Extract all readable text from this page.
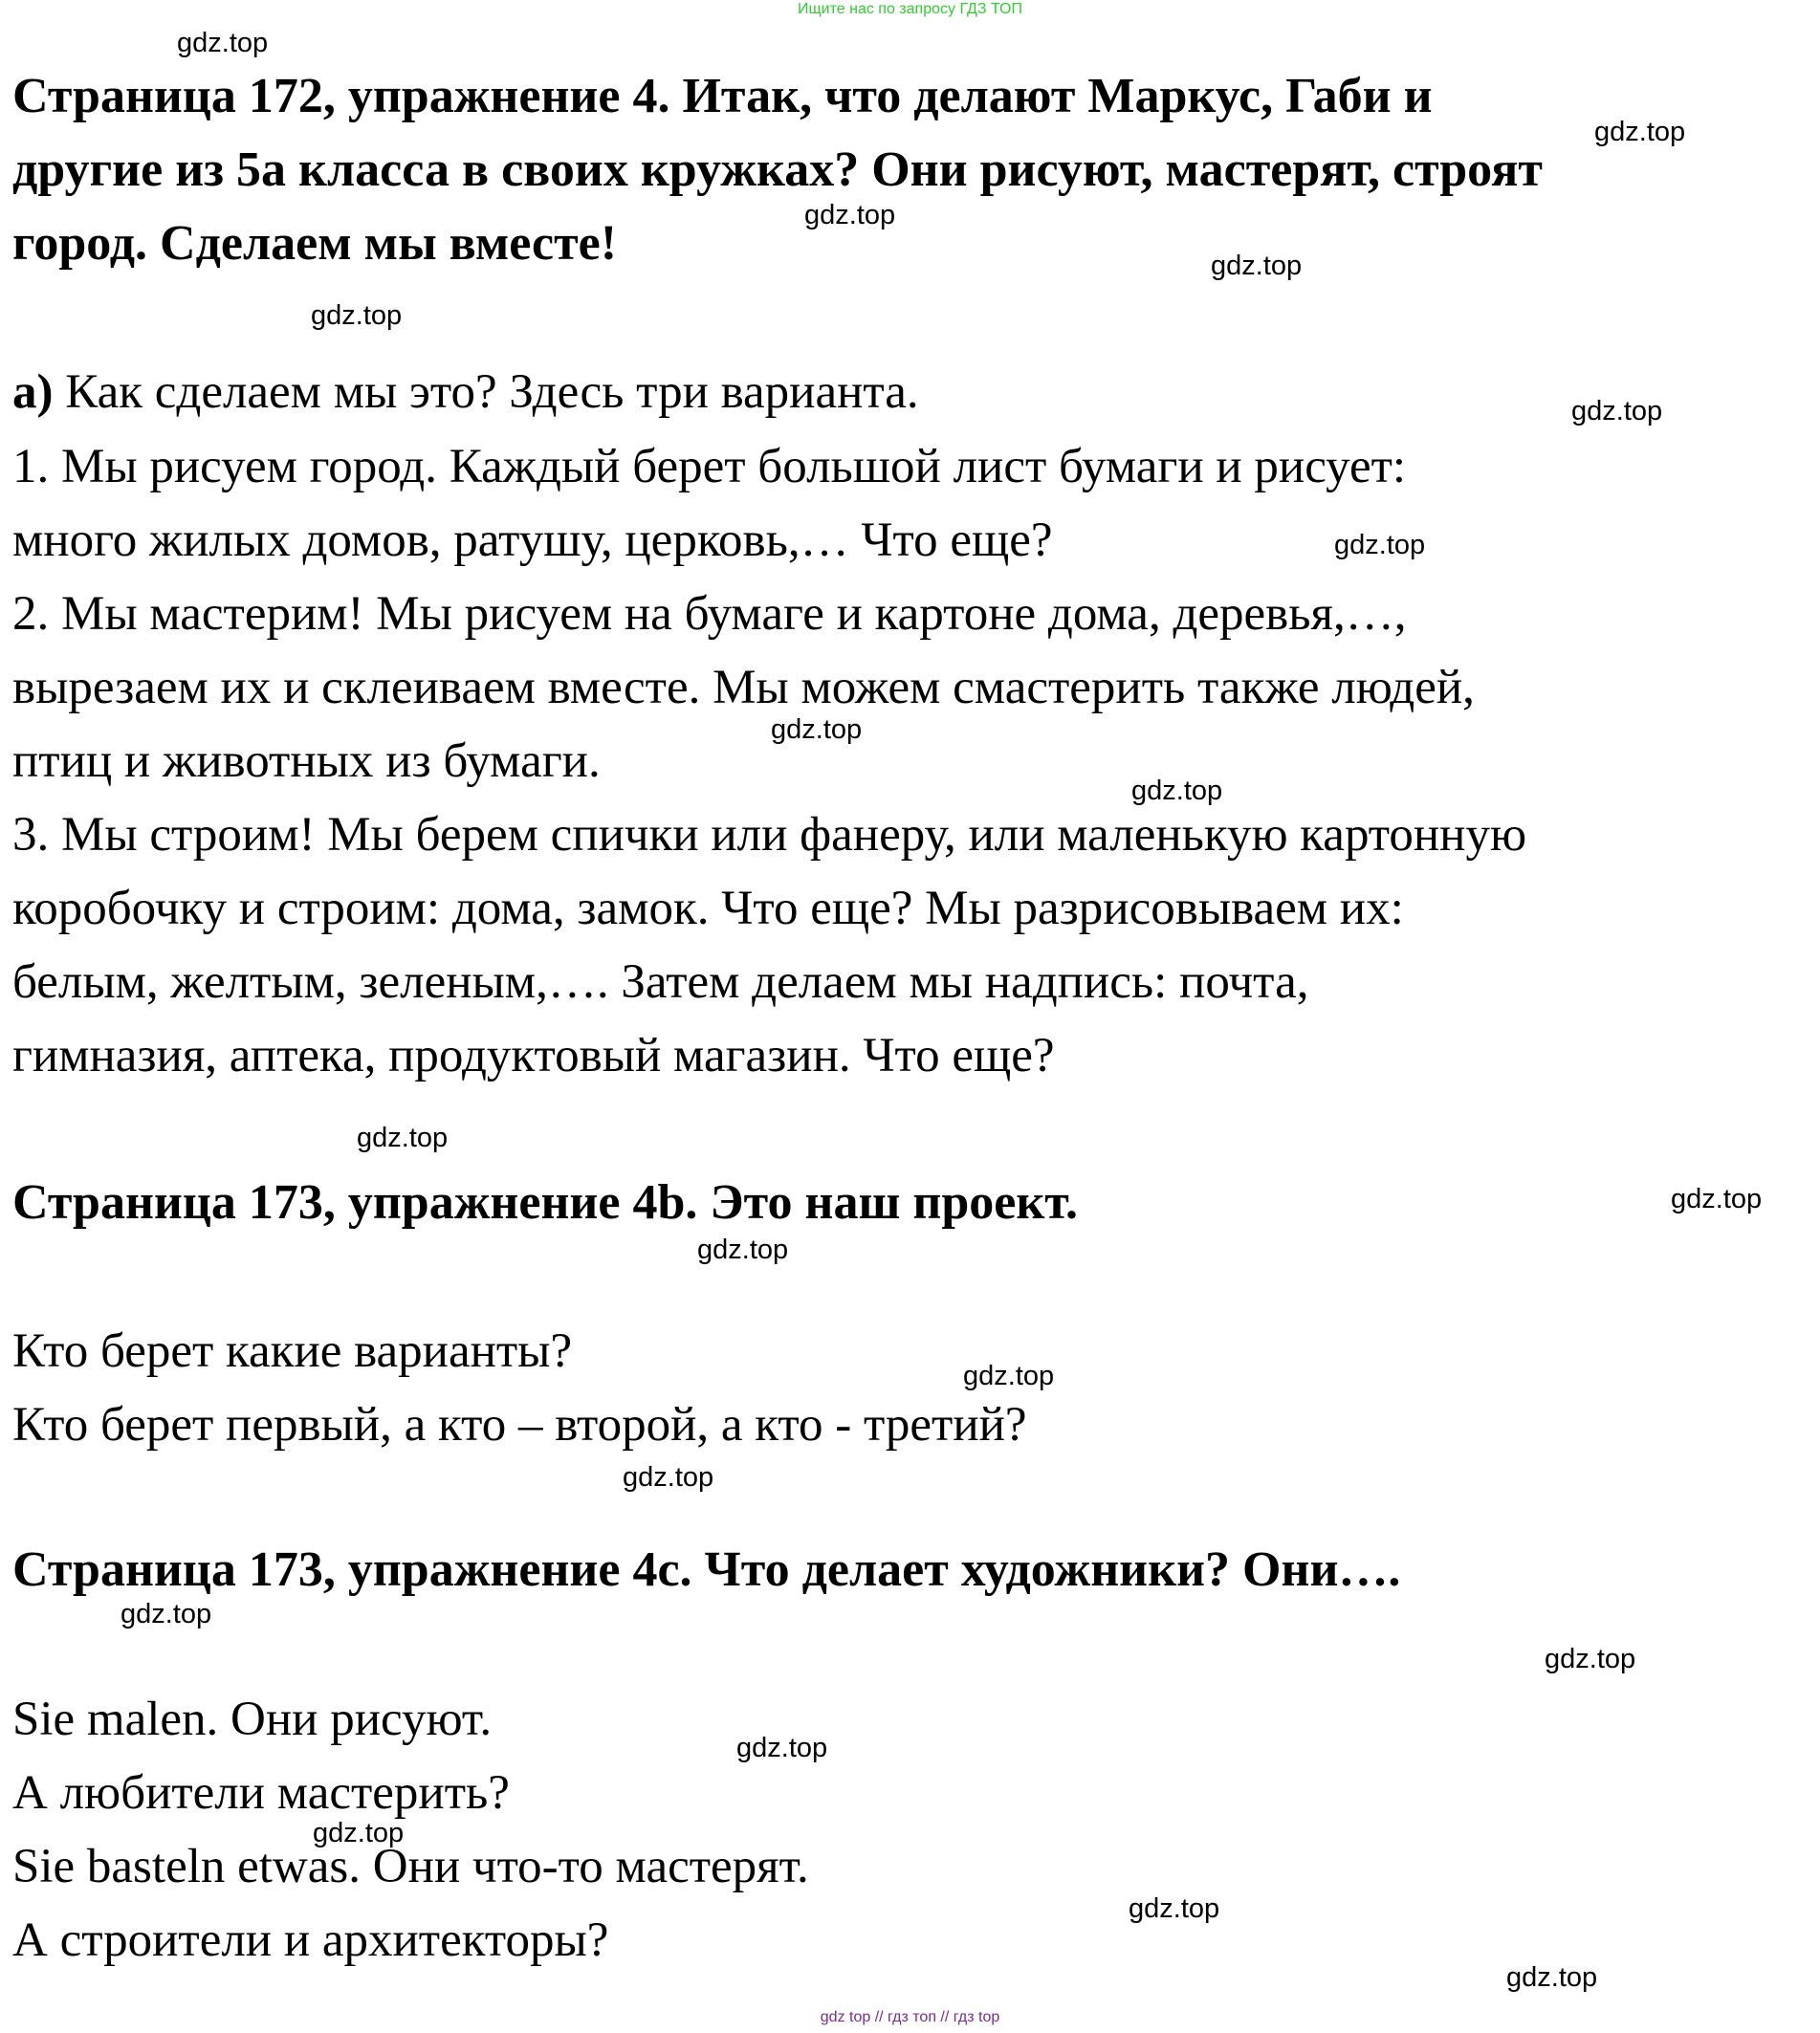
Ищите нас по запросу ГДЗ ТОП
Страница 172, упражнение 4. Итак, что делают Маркус, Габи и
другие из 5а класса в своих кружках? Они рисуют, мастерят, строят
город. Сделаем мы вместе!
а) Как сделаем мы это? Здесь три варианта.
1. Мы рисуем город. Каждый берет большой лист бумаги и рисует:
много жилых домов, ратушу, церковь,… Что еще?
2. Мы мастерим! Мы рисуем на бумаге и картоне дома, деревья,…,
вырезаем их и склеиваем вместе. Мы можем смастерить также людей,
птиц и животных из бумаги.
3. Мы строим! Мы берем спички или фанеру, или маленькую картонную
коробочку и строим: дома, замок. Что еще? Мы разрисовываем их:
белым, желтым, зеленым,…. Затем делаем мы надпись: почта,
гимназия, аптека, продуктовый магазин. Что еще?
Страница 173, упражнение 4b. Это наш проект.
Кто берет какие варианты?
Кто берет первый, а кто – второй, а кто - третий?
Страница 173, упражнение 4c. Что делает художники? Они….
Sie malen. Они рисуют.
А любители мастерить?
Sie basteln etwas. Они что-то мастерят.
А строители и архитекторы?
gdz.top
gdz.top
gdz.top
gdz.top
gdz.top
gdz.top
gdz.top
gdz.top
gdz.top
gdz.top
gdz.top
gdz.top
gdz.top
gdz.top
gdz.top
gdz.top
gdz.top
gdz.top
gdz.top
gdz.top
gdz top // гдз топ // гдз top
